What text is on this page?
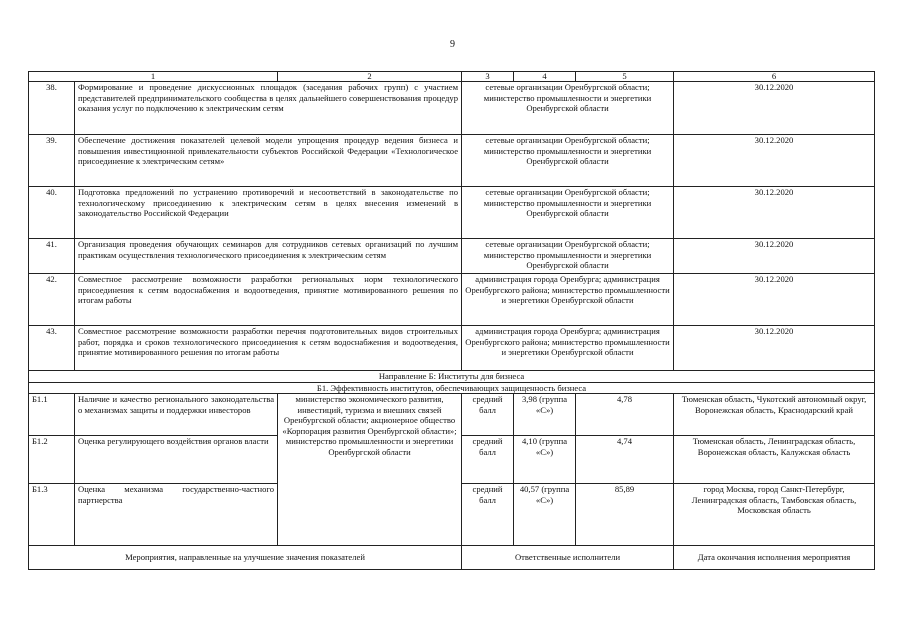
9
1		2	3	4	5	6
38.	Формирование и проведение дискуссионных площадок (заседания рабочих групп) с участием представителей предпринимательского сообщества в целях дальнейшего совершенствования процедур оказания услуг по подключению к электрическим сетям		сетевые организации Оренбургской области; министерство промышленности и энергетики Оренбургской области			30.12.2020
39.	Обеспечение достижения показателей целевой модели упрощения процедур ведения бизнеса и повышения инвестиционной привлекательности субъектов Российской Федерации «Технологическое присоединение к электрическим сетям»		сетевые организации Оренбургской области; министерство промышленности и энергетики Оренбургской области			30.12.2020
40.	Подготовка предложений по устранению противоречий и несоответствий в законодательстве по технологическому присоединению к электрическим сетям в целях внесения изменений в законодательство Российской Федерации		сетевые организации Оренбургской области; министерство промышленности и энергетики Оренбургской области			30.12.2020
41.	Организация проведения обучающих семинаров для сотрудников сетевых организаций по лучшим практикам осуществления технологического присоединения к электрическим сетям		сетевые организации Оренбургской области; министерство промышленности и энергетики Оренбургской области			30.12.2020
42.	Совместное рассмотрение возможности разработки региональных норм технологического присоединения к сетям водоснабжения и водоотведения, принятие мотивированного решения по итогам работы		администрация города Оренбурга; администрация Оренбургского района; министерство промышленности и энергетики Оренбургской области			30.12.2020
43.	Совместное рассмотрение возможности разработки перечня подготовительных видов строительных работ, порядка и сроков технологического присоединения к сетям водоснабжения и водоотведения, принятие мотивированного решения по итогам работы		администрация города Оренбурга; администрация Оренбургского района; министерство промышленности и энергетики Оренбургской области			30.12.2020
Направление Б: Институты для бизнеса						
Б1. Эффективность институтов, обеспечивающих защищенность бизнеса						
Б1.1	Наличие и качество регионального законодательства о механизмах защиты и поддержки инвесторов	министерство экономического развития, инвестиций, туризма и внешних связей Оренбургской области; акционерное общество «Корпорация развития Оренбургской области»; министерство промышленности и энергетики Оренбургской области	средний балл	3,98 (группа «С»)	4,78	Тюменская область, Чукотский автономный округ, Воронежская область, Краснодарский край
Б1.2	Оценка регулирующего воздействия органов власти		средний балл	4,10 (группа «С»)	4,74	Тюменская область, Ленинградская область, Воронежская область, Калужская область
Б1.3	Оценка механизма государственно-частного партнерства		средний балл	40,57 (группа «С»)	85,89	город Москва, город Санкт-Петербург, Ленинградская область, Тамбовская область, Московская область
Мероприятия, направленные на улучшение значения показателей			Ответственные исполнители			Дата окончания исполнения мероприятия
